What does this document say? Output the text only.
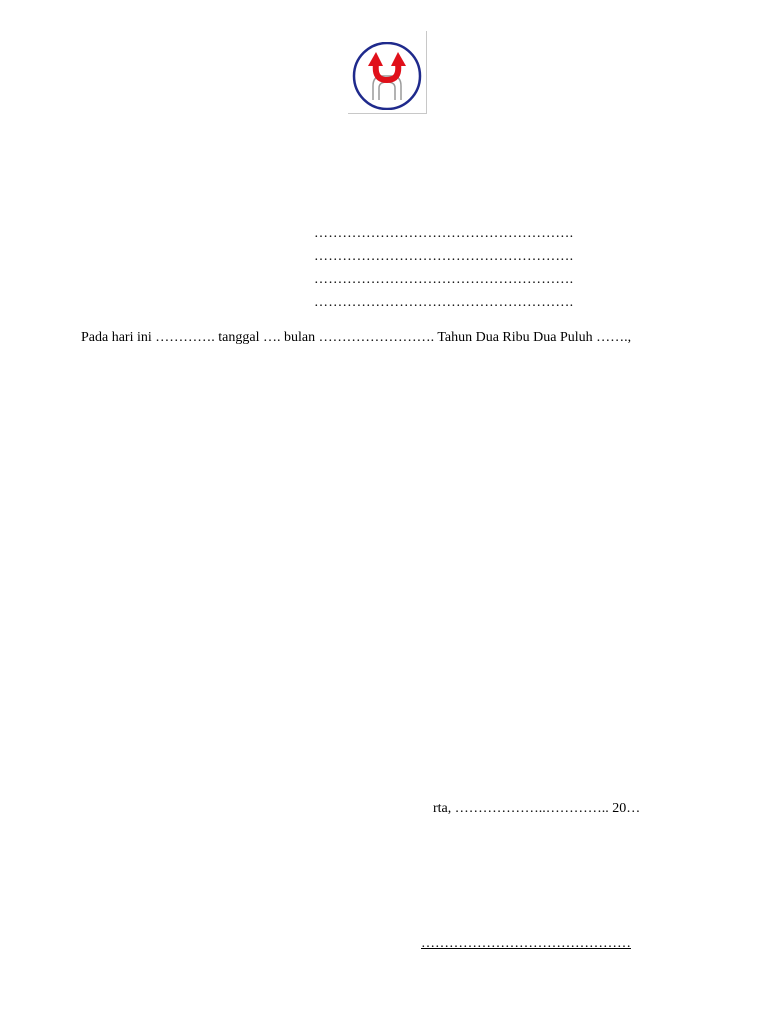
……………………………………………….
……………………………………………….
……………………………………………….
……………………………………………….
Pada hari ini …………. tanggal …. bulan ……………………. Tahun Dua Ribu Dua Puluh …….,
rta, ………………..………….. 20…
………………………………………
